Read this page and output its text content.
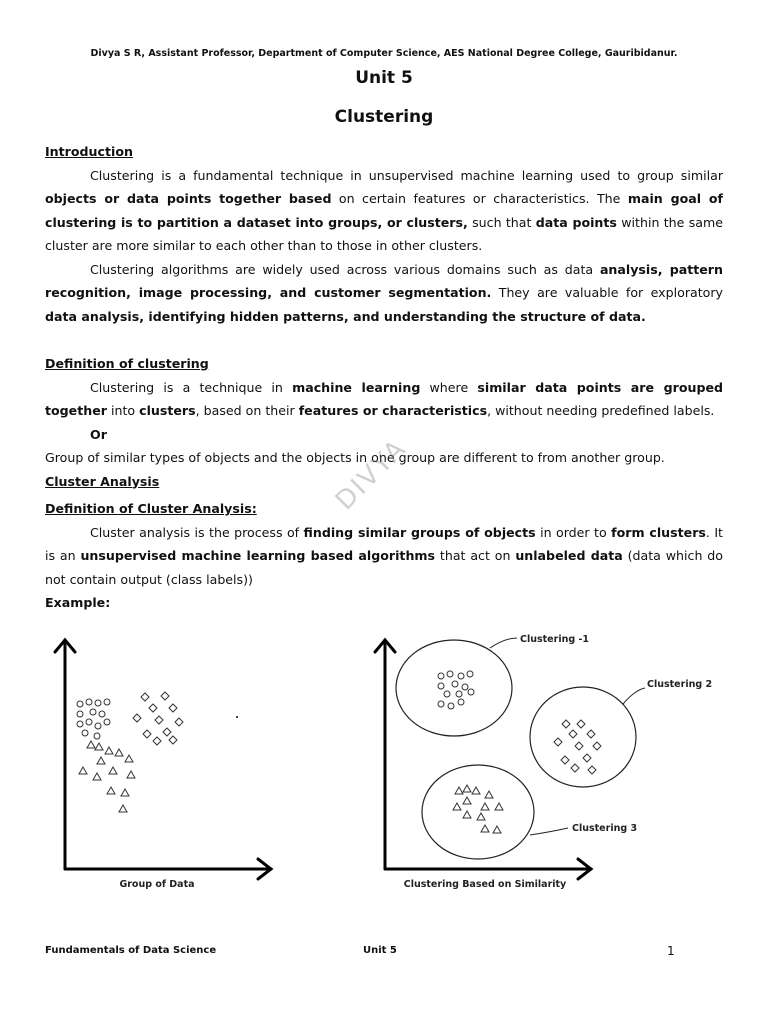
Divya S R, Assistant Professor, Department of Computer Science, AES National Degree College, Gauribidanur.
Unit 5
Clustering

Introduction

Clustering is a fundamental technique in unsupervised machine learning used to group similar objects or data points together based on certain features or characteristics. The main goal of clustering is to partition a dataset into groups, or clusters, such that data points within the same cluster are more similar to each other than to those in other clusters.

Clustering algorithms are widely used across various domains such as data analysis, pattern recognition, image processing, and customer segmentation. They are valuable for exploratory data analysis, identifying hidden patterns, and understanding the structure of data.

Definition of clustering

Clustering is a technique in machine learning where similar data points are grouped together into clusters, based on their features or characteristics, without needing predefined labels.

Or

Group of similar types of objects and the objects in one group are different to from another group.

Cluster Analysis

Definition of Cluster Analysis:

Cluster analysis is the process of finding similar groups of objects in order to form clusters. It is an unsupervised machine learning based algorithms that act on unlabeled data (data which do not contain output (class labels))

Example:

DIVYA
Group of Data
Clustering -1
Clustering 2
Clustering 3
Clustering Based on Similarity
Fundamentals of Data Science	Unit 5	1
